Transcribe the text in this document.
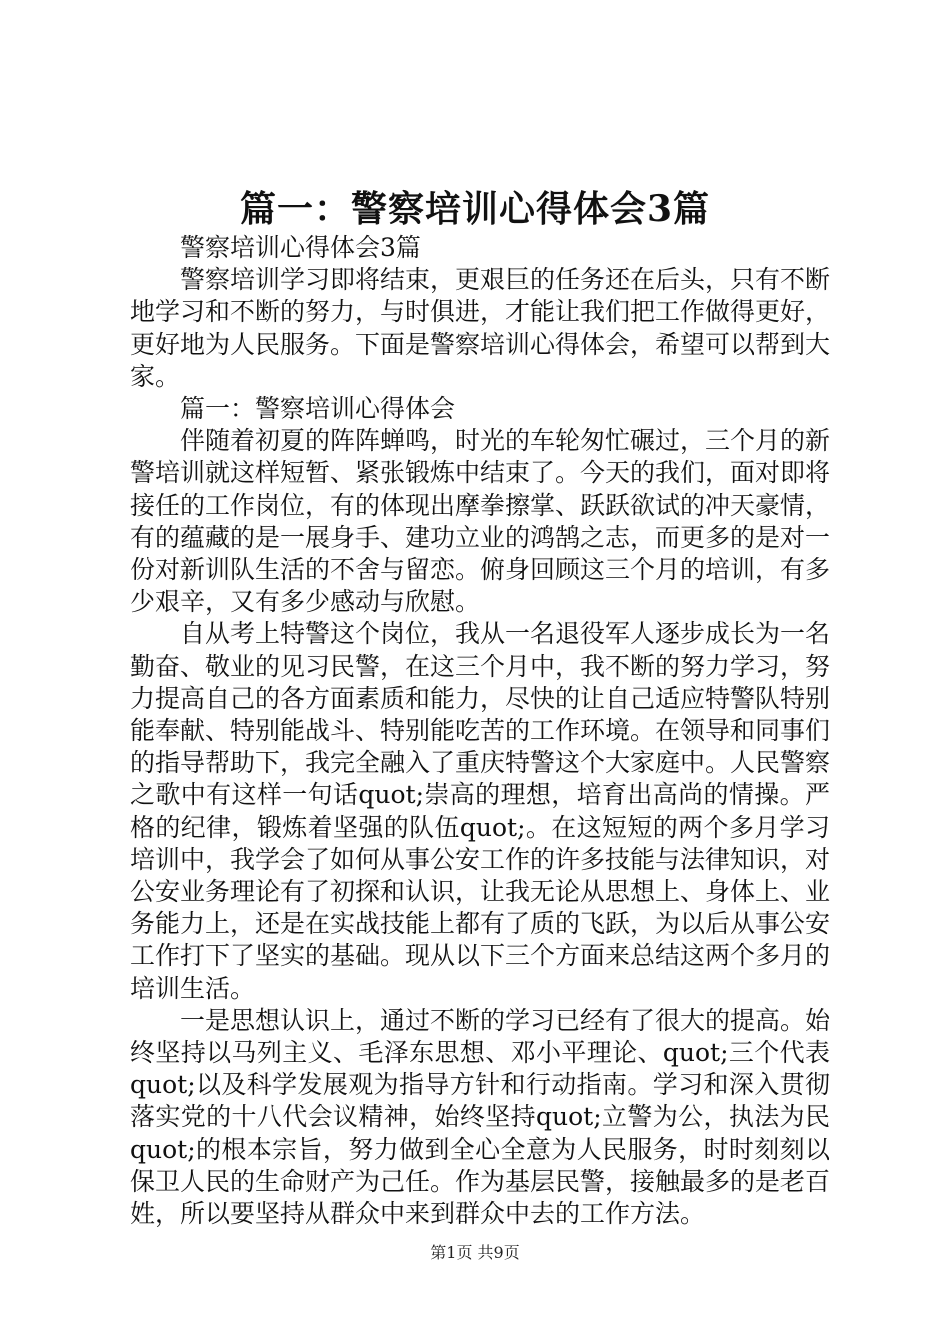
篇一：警察培训心得体会3篇

警察培训心得体会3篇

警察培训学习即将结束，更艰巨的任务还在后头，只有不断地学习和不断的努力，与时俱进，才能让我们把工作做得更好，更好地为人民服务。下面是警察培训心得体会，希望可以帮到大家。

篇一：警察培训心得体会

伴随着初夏的阵阵蝉鸣，时光的车轮匆忙碾过，三个月的新警培训就这样短暂、紧张锻炼中结束了。今天的我们，面对即将接任的工作岗位，有的体现出摩拳擦掌、跃跃欲试的冲天豪情，有的蕴藏的是一展身手、建功立业的鸿鹄之志，而更多的是对一份对新训队生活的不舍与留恋。俯身回顾这三个月的培训，有多少艰辛，又有多少感动与欣慰。

自从考上特警这个岗位，我从一名退役军人逐步成长为一名勤奋、敬业的见习民警，在这三个月中，我不断的努力学习，努力提高自己的各方面素质和能力，尽快的让自己适应特警队特别能奉献、特别能战斗、特别能吃苦的工作环境。在领导和同事们的指导帮助下，我完全融入了重庆特警这个大家庭中。人民警察之歌中有这样一句话quot;崇高的理想，培育出高尚的情操。严格的纪律，锻炼着坚强的队伍quot;。在这短短的两个多月学习培训中，我学会了如何从事公安工作的许多技能与法律知识，对公安业务理论有了初探和认识，让我无论从思想上、身体上、业务能力上，还是在实战技能上都有了质的飞跃，为以后从事公安工作打下了坚实的基础。现从以下三个方面来总结这两个多月的培训生活。

一是思想认识上，通过不断的学习已经有了很大的提高。始终坚持以马列主义、毛泽东思想、邓小平理论、quot;三个代表quot;以及科学发展观为指导方针和行动指南。学习和深入贯彻落实党的十八代会议精神，始终坚持quot;立警为公，执法为民quot;的根本宗旨，努力做到全心全意为人民服务，时时刻刻以保卫人民的生命财产为己任。作为基层民警，接触最多的是老百姓，所以要坚持从群众中来到群众中去的工作方法。

第1页 共9页
